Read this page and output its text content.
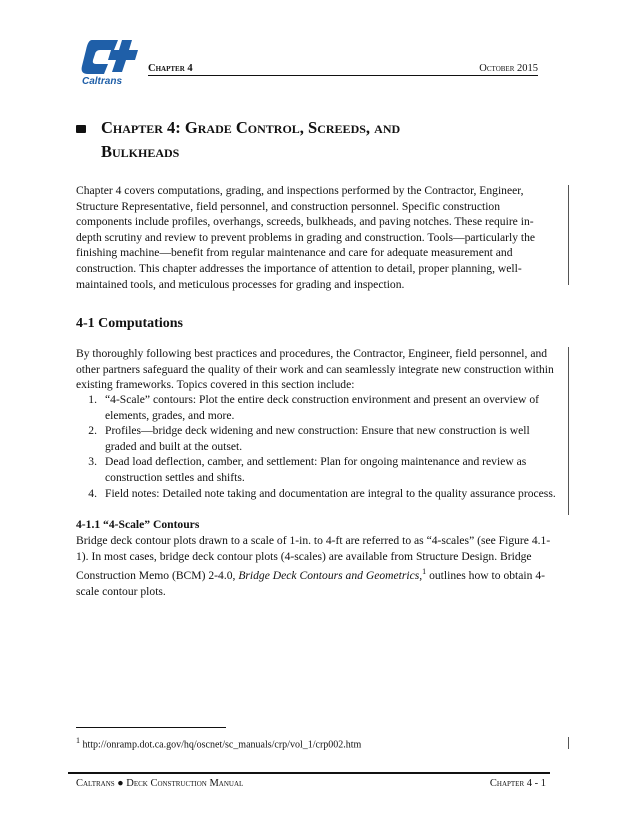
Caltrans
Chapter 4	October 2015
Chapter 4: Grade Control, Screeds, and
Bulkheads
Chapter 4 covers computations, grading, and inspections performed by the Contractor, Engineer, Structure Representative, field personnel, and construction personnel. Specific construction components include profiles, overhangs, screeds, bulkheads, and paving notches. These require in-depth scrutiny and review to prevent problems in grading and construction. Tools—particularly the finishing machine—benefit from regular maintenance and care for adequate measurement and construction. This chapter addresses the importance of attention to detail, proper planning, well-maintained tools, and meticulous processes for grading and inspection.
4-1 Computations
By thoroughly following best practices and procedures, the Contractor, Engineer, field personnel, and other partners safeguard the quality of their work and can seamlessly integrate new construction within existing frameworks. Topics covered in this section include:
1. “4-Scale” contours: Plot the entire deck construction environment and present an overview of elements, grades, and more.
2. Profiles—bridge deck widening and new construction: Ensure that new construction is well graded and built at the outset.
3. Dead load deflection, camber, and settlement: Plan for ongoing maintenance and review as construction settles and shifts.
4. Field notes: Detailed note taking and documentation are integral to the quality assurance process.
4-1.1 “4-Scale” Contours
Bridge deck contour plots drawn to a scale of 1-in. to 4-ft are referred to as “4-scales” (see Figure 4.1-1). In most cases, bridge deck contour plots (4-scales) are available from Structure Design. Bridge Construction Memo (BCM) 2-4.0, Bridge Deck Contours and Geometrics,$^1$ outlines how to obtain 4-scale contour plots.
$^1$ http://onramp.dot.ca.gov/hq/oscnet/sc_manuals/crp/vol_1/crp002.htm
Caltrans ● Deck Construction Manual	Chapter 4 - 1
